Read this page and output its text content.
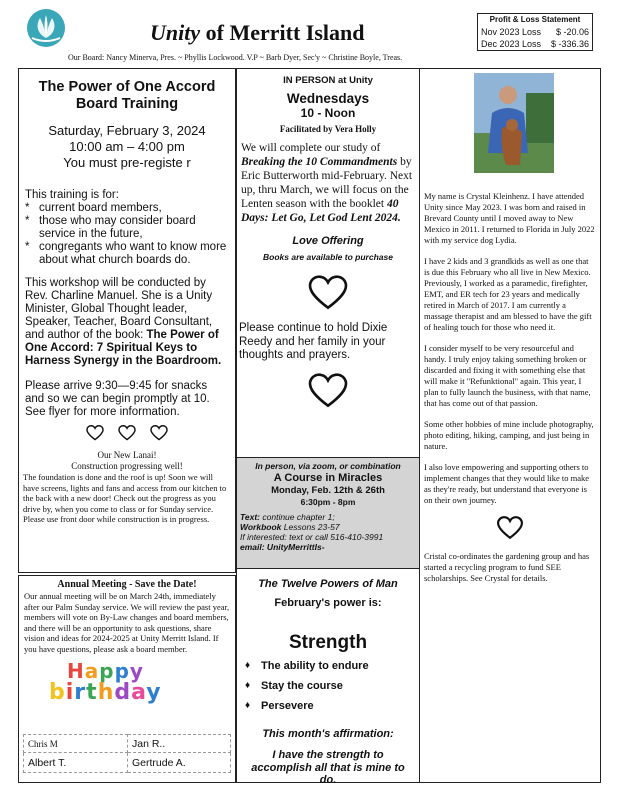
Unity of Merritt Island
Profit & Loss Statement
Nov 2023 Loss $ -20.06
Dec 2023 Loss $ -336.36
Our Board: Nancy Minerva, Pres. ~ Phyllis Lockwood. V.P ~ Barb Dyer, Sec'y ~ Christine Boyle, Treas.
The Power of One Accord Board Training
Saturday, February 3, 2024
10:00 am – 4:00 pm
You must pre-registe r
This training is for:
* current board members,
* those who may consider board service in the future,
* congregants who want to know more about what church boards do.
This workshop will be conducted by Rev. Charline Manuel. She is a Unity Minister, Global Thought leader, Speaker, Teacher, Board Consultant, and author of the book: The Power of One Accord: 7 Spiritual Keys to Harness Synergy in the Boardroom.
Please arrive 9:30—9:45 for snacks and so we can begin promptly at 10. See flyer for more information.

Our New Lanai!
Construction progressing well!
The foundation is done and the roof is up! Soon we will have screens, lights and fans and access from our kitchen to the back with a new door! Check out the progress as you drive by, when you come to class or for Sunday service. Please use front door while construction is in progress.
Annual Meeting - Save the Date!
Our annual meeting will be on March 24th, immediately after our Palm Sunday service. We will review the past year, members will vote on By-Law changes and board members, and there will be an opportunity to ask questions, share vision and ideas for 2024-2025 at Unity Merritt Island. If you have questions, please ask a board member.
Happy
birthday
Chris M	Jan R..
Albert T.	Gertrude A.
IN PERSON at Unity
Wednesdays
10 - Noon
Facilitated by Vera Holly
We will complete our study of Breaking the 10 Commandments by Eric Butterworth mid-February. Next up, thru March, we will focus on the Lenten season with the booklet 40 Days: Let Go, Let God Lent 2024.
Love Offering
Books are available to purchase
Please continue to hold Dixie Reedy and her family in your thoughts and prayers.
In person, via zoom, or combination
A Course in Miracles
Monday, Feb. 12th & 26th
6:30pm - 8pm
Text: continue chapter 1;
Workbook Lessons 23-57
If interested: text or call 516-410-3991
email: UnityMerrittIs-
The Twelve Powers of Man
February's power is:
Strength
♦ The ability to endure
♦ Stay the course
♦ Persevere
This month's affirmation:
I have the strength to accomplish all that is mine to do.
My name is Crystal Kleinhenz. I have attended Unity since May 2023. I was born and raised in Brevard County until I moved away to New Mexico in 2011. I returned to Florida in July 2022 with my service dog Lydia.
I have 2 kids and 3 grandkids as well as one that is due this February who all live in New Mexico. Previously, I worked as a paramedic, firefighter, EMT, and ER tech for 23 years and medically retired in March of 2017. I am currently a massage therapist and am blessed to have the gift of healing touch for those who need it.
I consider myself to be very resourceful and handy. I truly enjoy taking something broken or discarded and fixing it with something else that will make it "Refunktional" again. This year, I plan to fully launch the business, with that name, that has come out of that passion.
Some other hobbies of mine include photography, photo editing, hiking, camping, and just being in nature.
I also love empowering and supporting others to implement changes that they would like to make as they're ready, but understand that everyone is on their own journey.
Cristal co-ordinates the gardening group and has started a recycling program to fund SEE scholarships. See Crystal for details.
